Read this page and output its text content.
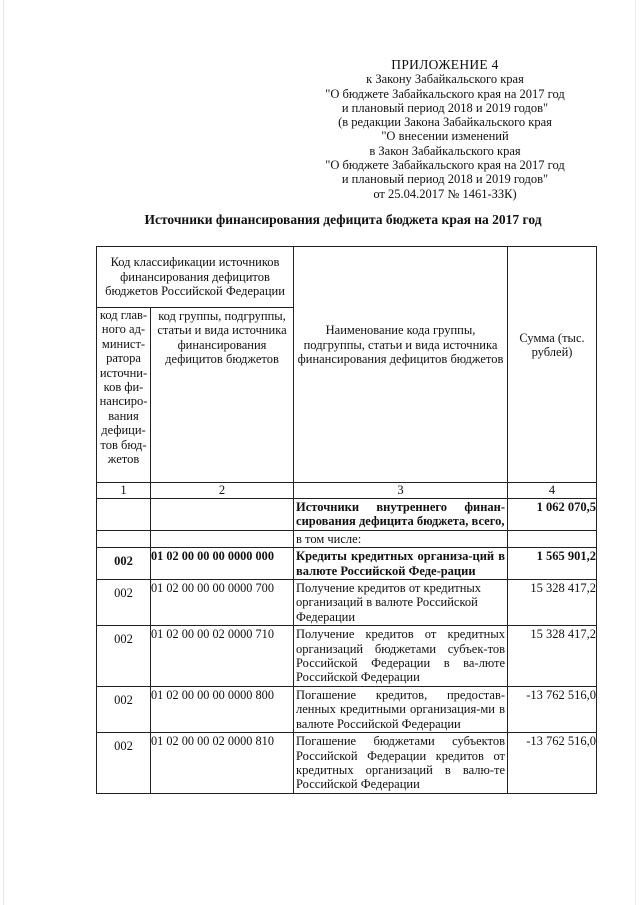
ПРИЛОЖЕНИЕ 4
к Закону Забайкальского края
"О бюджете Забайкальского края на 2017 год
и плановый период 2018 и 2019 годов"
(в редакции Закона Забайкальского края
"О внесении изменений
в Закон Забайкальского края
"О бюджете Забайкальского края на 2017 год
и плановый период 2018 и 2019 годов"
от 25.04.2017 № 1461-ЗЗК)
Источники финансирования дефицита бюджета края на 2017 год
Код классификации источников финансирования дефицитов бюджетов Российской Федерации		Наименование кода группы, подгруппы, статьи и вида источника финансирования дефицитов бюджетов	Сумма (тыс. рублей)
код глав-ного ад-минист-ратора источни-ков фи-нансиро-вания дефици-тов бюд-жетов	код группы, подгруппы, статьи и вида источника финансирования дефицитов бюджетов		
1	2	3	4
		Источники внутреннего финан-сирования дефицита бюджета, всего,	1 062 070,5
		в том числе:	
002	01 02 00 00 00 0000 000	Кредиты кредитных организа-ций в валюте Российской Феде-рации	1 565 901,2
002	01 02 00 00 00 0000 700	Получение кредитов от кредитных организаций в валюте Российской Федерации	15 328 417,2
002	01 02 00 00 02 0000 710	Получение кредитов от кредитных организаций бюджетами субъек-тов Российской Федерации в ва-люте Российской Федерации	15 328 417,2
002	01 02 00 00 00 0000 800	Погашение кредитов, предостав-ленных кредитными организация-ми в валюте Российской Федерации	-13 762 516,0
002	01 02 00 00 02 0000 810	Погашение бюджетами субъектов Российской Федерации кредитов от кредитных организаций в валю-те Российской Федерации	-13 762 516,0
